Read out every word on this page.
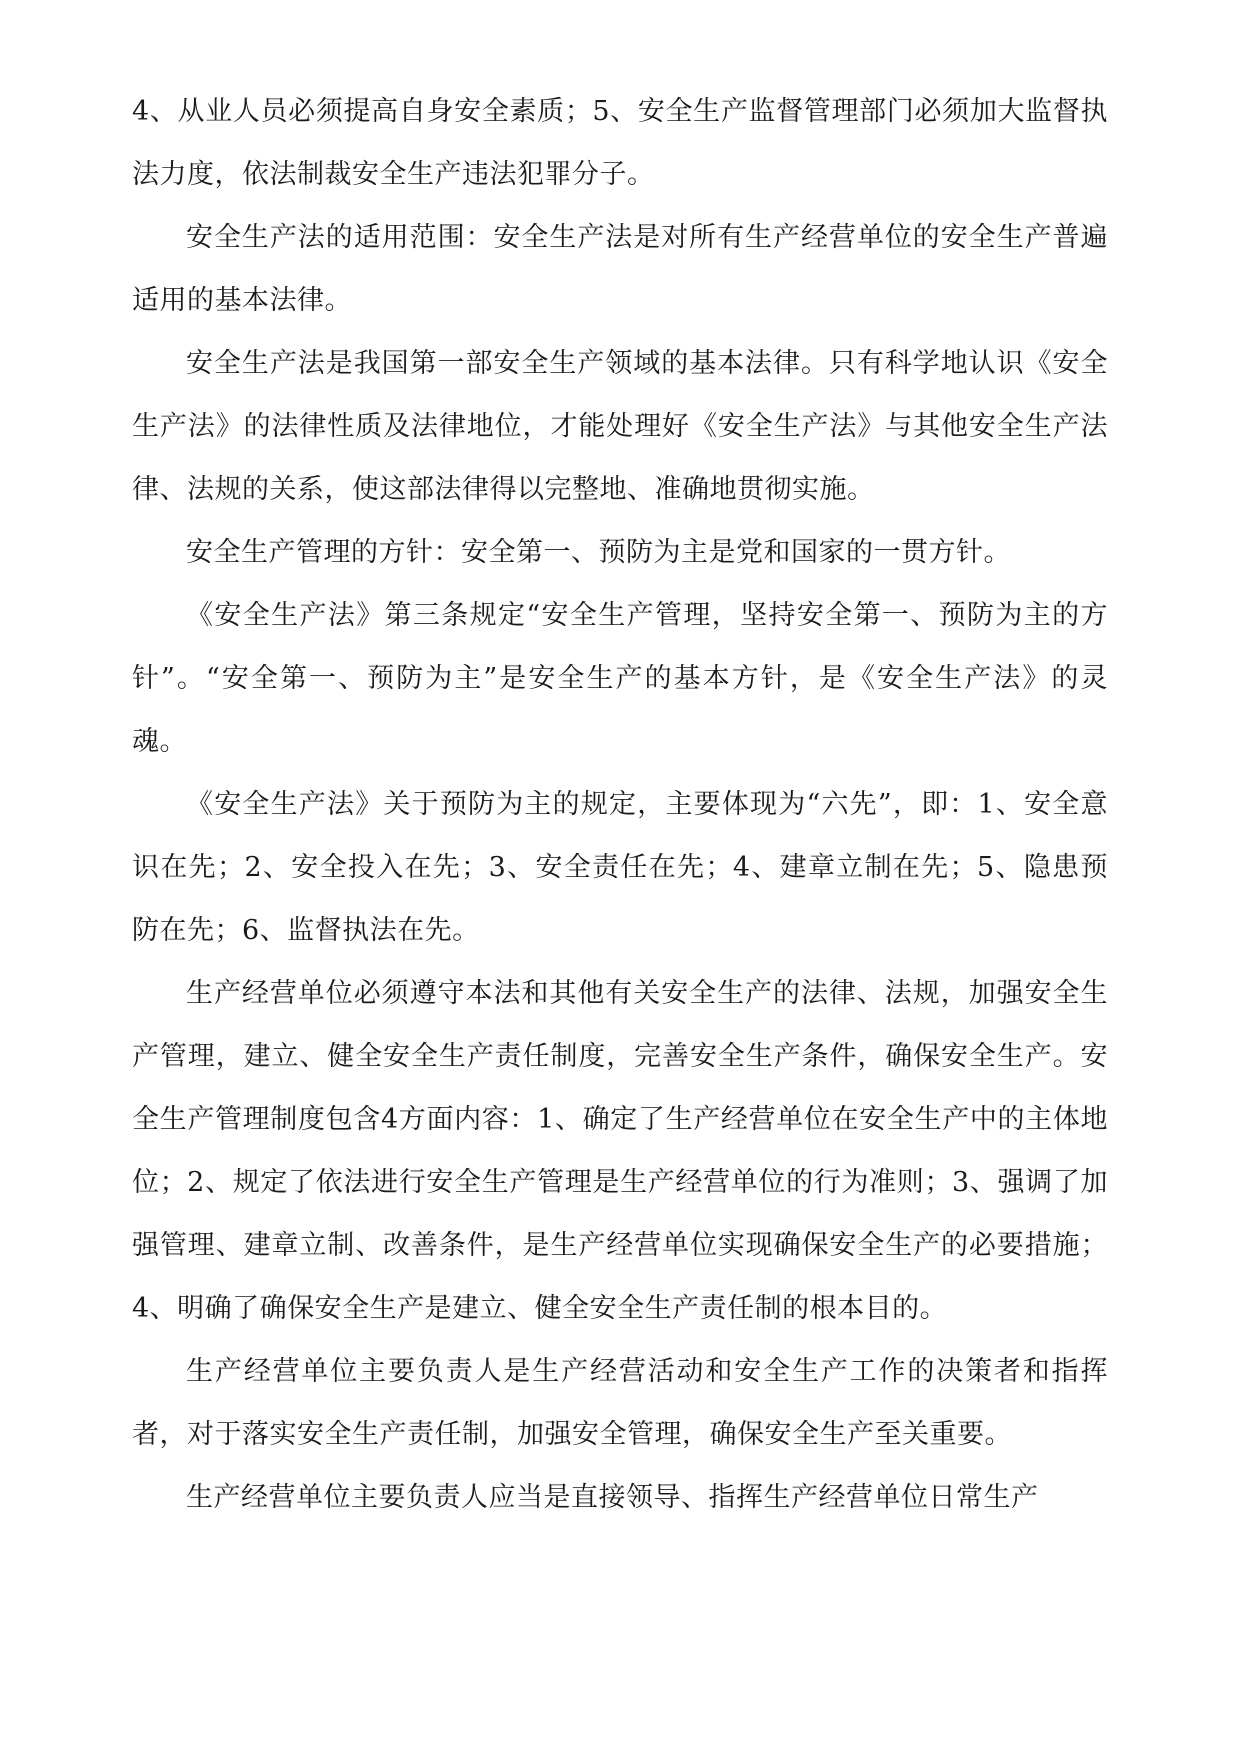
4、从业人员必须提高自身安全素质；5、安全生产监督管理部门必须加大监督执法力度，依法制裁安全生产违法犯罪分子。

安全生产法的适用范围：安全生产法是对所有生产经营单位的安全生产普遍适用的基本法律。

安全生产法是我国第一部安全生产领域的基本法律。只有科学地认识《安全生产法》的法律性质及法律地位，才能处理好《安全生产法》与其他安全生产法律、法规的关系，使这部法律得以完整地、准确地贯彻实施。

安全生产管理的方针：安全第一、预防为主是党和国家的一贯方针。

《安全生产法》第三条规定“安全生产管理，坚持安全第一、预防为主的方针”。“安全第一、预防为主”是安全生产的基本方针，是《安全生产法》的灵魂。

《安全生产法》关于预防为主的规定，主要体现为“六先”，即：1、安全意识在先；2、安全投入在先；3、安全责任在先；4、建章立制在先；5、隐患预防在先；6、监督执法在先。

生产经营单位必须遵守本法和其他有关安全生产的法律、法规，加强安全生产管理，建立、健全安全生产责任制度，完善安全生产条件，确保安全生产。安全生产管理制度包含4方面内容：1、确定了生产经营单位在安全生产中的主体地位；2、规定了依法进行安全生产管理是生产经营单位的行为准则；3、强调了加强管理、建章立制、改善条件，是生产经营单位实现确保安全生产的必要措施；4、明确了确保安全生产是建立、健全安全生产责任制的根本目的。

生产经营单位主要负责人是生产经营活动和安全生产工作的决策者和指挥者，对于落实安全生产责任制，加强安全管理，确保安全生产至关重要。

生产经营单位主要负责人应当是直接领导、指挥生产经营单位日常生产
